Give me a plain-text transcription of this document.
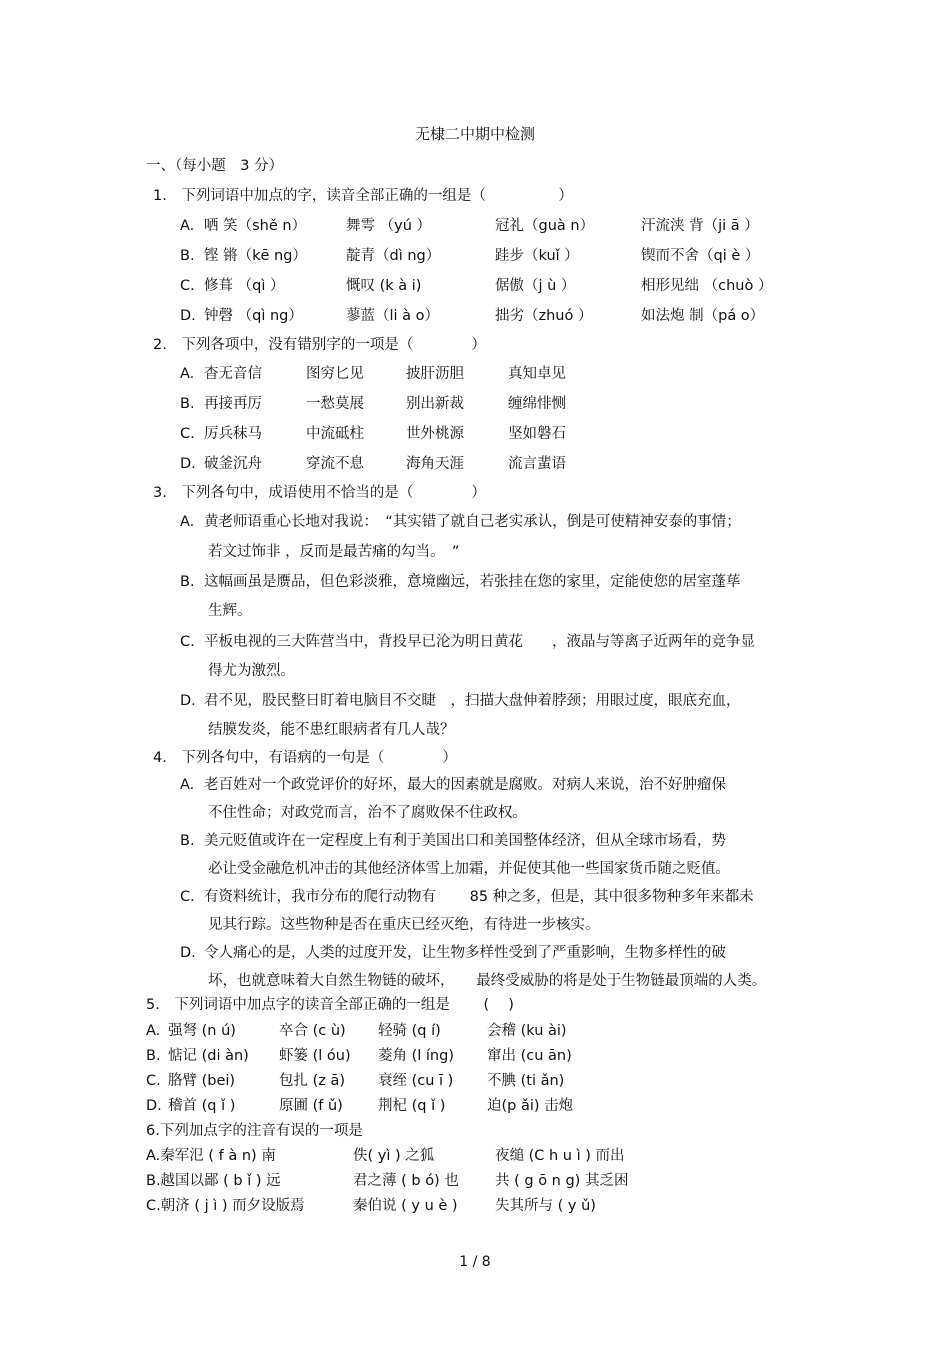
无棣二中期中检测
一、（每小题　3 分）
1.　下列词语中加点的字，读音全部正确的一组是（　　　　　）
A. 哂 笑（shě n）	舞雩 （yú ）	冠礼（guà n）	汗流浃 背（ji ā ）
B. 铿 锵（kē ng）	靛青（dì ng）	跬步（kuǐ ）	锲而不舍（qi è ）
C. 修葺 （qì ）	慨叹 (k à i)	倨傲（j ù ）	相形见绌 （chuò ）
D. 钟磬 （qì ng）	蓼蓝（li à o）	拙劣（zhuó ）	如法炮 制（pá o）
2.　下列各项中，没有错别字的一项是（　　　　）
A. 杳无音信	图穷匕见	披肝沥胆	真知卓见
B. 再接再厉	一愁莫展	别出新裁	缠绵悱恻
C. 厉兵秣马	中流砥柱	世外桃源	坚如磐石
D. 破釜沉舟	穿流不息	海角天涯	流言蜚语
3.　下列各句中，成语使用不恰当的是（　　　　）
A. 黄老师语重心长地对我说：　“其实错了就自己老实承认，倒是可使精神安泰的事情；
若文过饰非 ，反而是最苦痛的勾当。　”
B. 这幅画虽是赝品，但色彩淡雅，意境幽远，若张挂在您的家里，定能使您的居室蓬荜
生辉。
C. 平板电视的三大阵营当中，背投早已沦为明日黄花　　，液晶与等离子近两年的竞争显
得尤为激烈。
D. 君不见，股民整日盯着电脑目不交睫　，扫描大盘伸着脖颈；用眼过度，眼底充血，
结膜发炎，能不患红眼病者有几人哉？
4.　下列各句中，有语病的一句是（　　　　）
A. 老百姓对一个政党评价的好坏，最大的因素就是腐败。对病人来说，治不好肿瘤保
不住性命；对政党而言，治不了腐败保不住政权。
B. 美元贬值或许在一定程度上有利于美国出口和美国整体经济，但从全球市场看，势
必让受金融危机冲击的其他经济体雪上加霜，并促使其他一些国家货币随之贬值。
C. 有资料统计，我市分布的爬行动物有　　 85 种之多，但是，其中很多物种多年来都未
见其行踪。这些物种是否在重庆已经灭绝，有待进一步核实。
D. 令人痛心的是，人类的过度开发，让生物多样性受到了严重影响，生物多样性的破
坏，也就意味着大自然生物链的破坏，　　最终受威胁的将是处于生物链最顶端的人类。
5.　下列词语中加点字的读音全部正确的一组是　　 (　 )
A. 强弩 (n ú)	卒合 (c ù) 轻骑 (q í)	会稽 (ku ài)
B. 惦记 (di àn) 虾篓 (l óu) 菱角 (l íng) 窜出 (cu ān)
C. 胳臂 (bei)	包扎 (z ā) 衰绖 (cu ī ) 不腆 (ti ǎn)
D. 稽首 (q ǐ )	原圃 (f ǔ) 荆杞 (q ǐ )	迫(p ǎi) 击炮
6.下列加点字的注音有误的一项是
A.秦军氾 ( f à n) 南	佚( yì ) 之狐	夜缒 (C h u ì ) 而出
B.越国以鄙 ( b ǐ ) 远	君之薄 ( b ó) 也 共 ( g ō n g) 其乏困
C.朝济 ( j ì ) 而夕设版焉	秦伯说 ( y u è )	失其所与 ( y ǔ)
1 / 8
